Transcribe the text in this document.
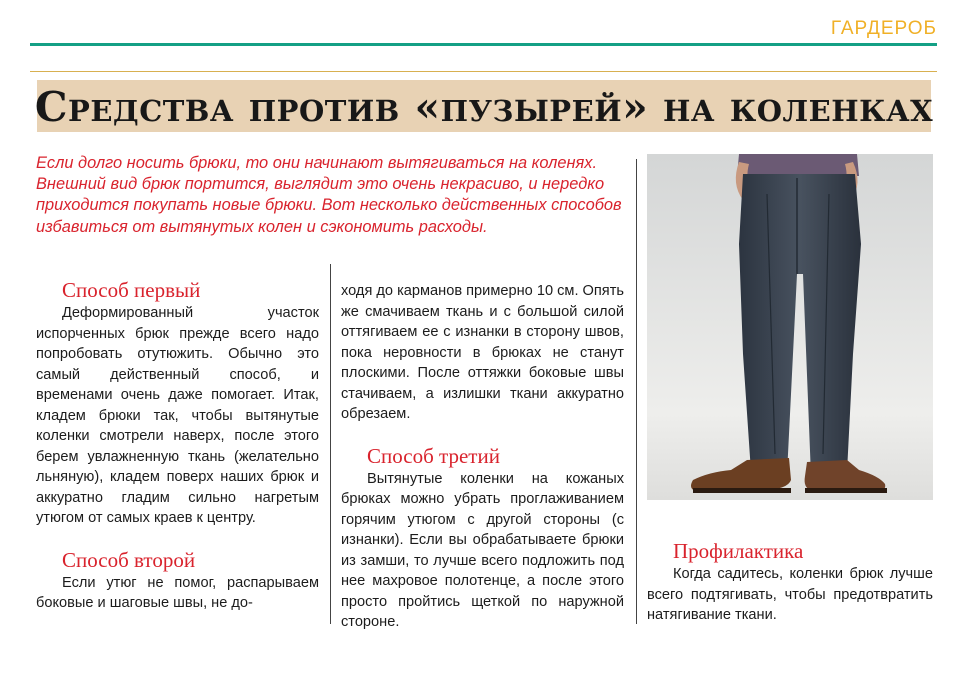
ГАРДЕРОБ
Средства против «пузырей» на коленках

Если долго носить брюки, то они начинают вытягиваться на коленях. Внешний вид брюк портится, выглядит это очень некрасиво, и нередко приходится покупать новые брюки. Вот несколько действенных способов избавиться от вытянутых колен и сэкономить расходы.

Способ первый

Деформированный участок испорченных брюк прежде всего надо попробовать отутюжить. Обычно это самый действенный способ, и временами очень даже помогает. Итак, кладем брюки так, чтобы вытянутые коленки смотрели наверх, после этого берем увлажненную ткань (желательно льняную), кладем поверх наших брюк и аккуратно гладим сильно нагретым утюгом от самых краев к центру.

Способ второй

Если утюг не помог, распарываем боковые и шаговые швы, не до-

ходя до карманов примерно 10 см. Опять же смачиваем ткань и с большой силой оттягиваем ее с изнанки в сторону швов, пока неровности в брюках не станут плоскими. После оттяжки боковые швы стачиваем, а излишки ткани аккуратно обрезаем.

Способ третий

Вытянутые коленки на кожаных брюках можно убрать проглаживанием горячим утюгом с другой стороны (с изнанки). Если вы обрабатываете брюки из замши, то лучше всего подложить под нее махровое полотенце, а после этого просто пройтись щеткой по наружной стороне.

Профилактика

Когда садитесь, коленки брюк лучше всего подтягивать, чтобы предотвратить натягивание ткани.
